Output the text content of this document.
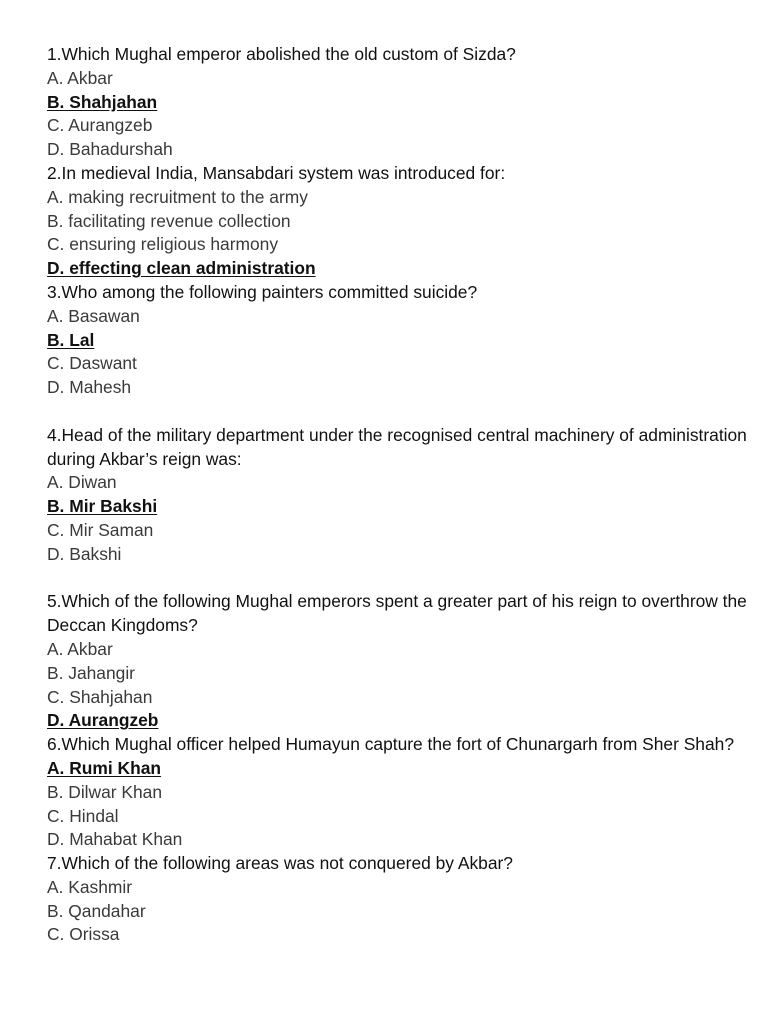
1.Which Mughal emperor abolished the old custom of Sizda?
A. Akbar
B. Shahjahan
C. Aurangzeb
D. Bahadurshah
2.In medieval India, Mansabdari system was introduced for:
A. making recruitment to the army
B. facilitating revenue collection
C. ensuring religious harmony
D. effecting clean administration
3.Who among the following painters committed suicide?
A. Basawan
B. Lal
C. Daswant
D. Mahesh
4.Head of the military department under the recognised central machinery of administration during Akbar’s reign was:
A. Diwan
B. Mir Bakshi
C. Mir Saman
D. Bakshi
5.Which of the following Mughal emperors spent a greater part of his reign to overthrow the Deccan Kingdoms?
A. Akbar
B. Jahangir
C. Shahjahan
D. Aurangzeb
6.Which Mughal officer helped Humayun capture the fort of Chunargarh from Sher Shah?
A. Rumi Khan
B. Dilwar Khan
C. Hindal
D. Mahabat Khan
7.Which of the following areas was not conquered by Akbar?
A. Kashmir
B. Qandahar
C. Orissa
